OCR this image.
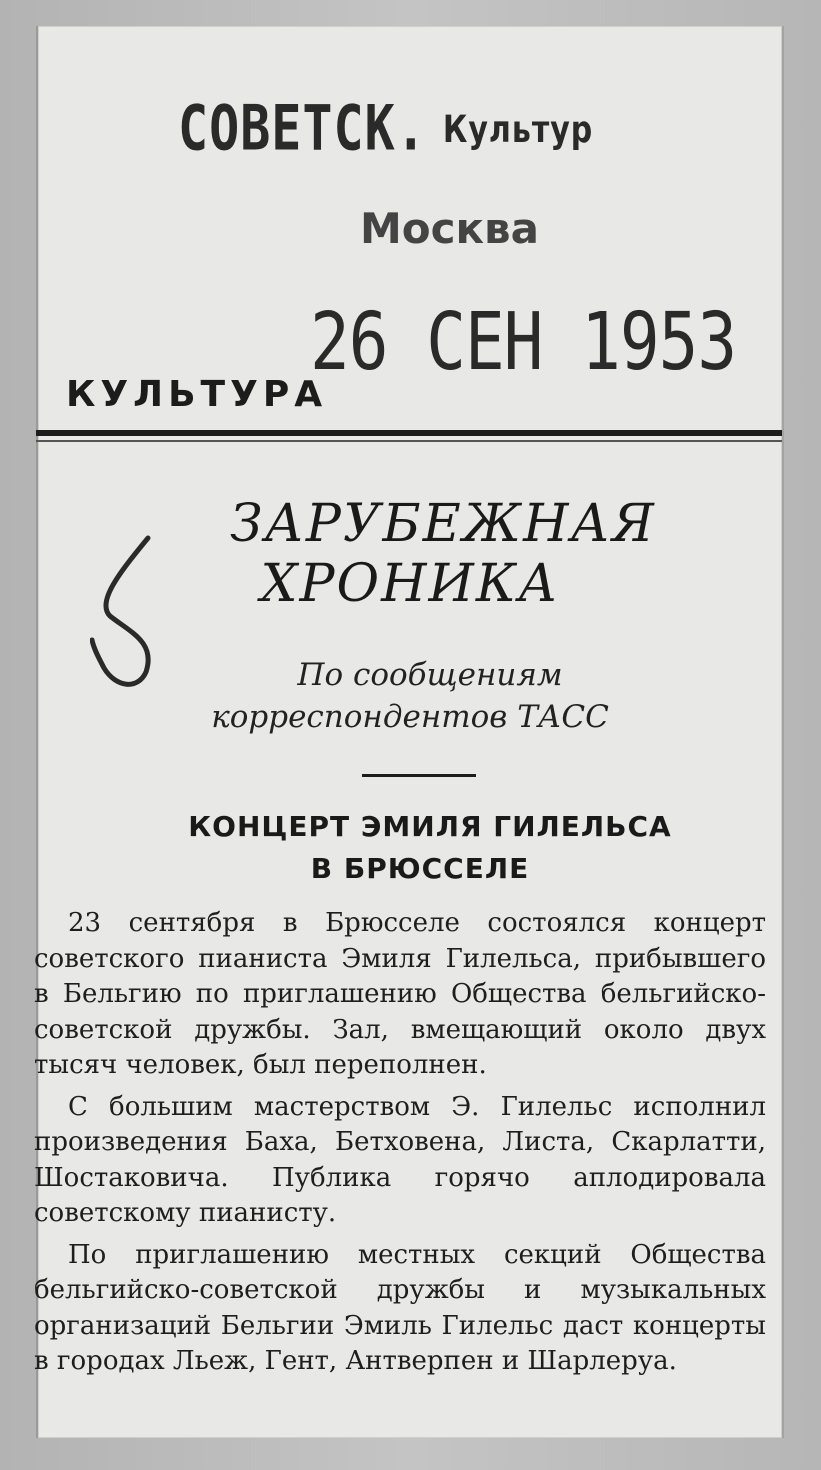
СОВЕТСК. Культур
Москва
26 СЕН 1953
КУЛЬТУРА
ЗАРУБЕЖНАЯ
ХРОНИКА
По сообщениям
корреспондентов ТАСС
КОНЦЕРТ ЭМИЛЯ ГИЛЕЛЬСА
В БРЮССЕЛЕ

23 сентября в Брюсселе состоялся концерт советского пианиста Эмиля Гилельса, прибывшего в Бельгию по приглашению Общества бельгийско-советской дружбы. Зал, вмещающий около двух тысяч человек, был переполнен.

С большим мастерством Э. Гилельс исполнил произведения Баха, Бетховена, Листа, Скарлатти, Шостаковича. Публика горячо аплодировала советскому пианисту.

По приглашению местных секций Общества бельгийско-советской дружбы и музыкальных организаций Бельгии Эмиль Гилельс даст концерты в городах Льеж, Гент, Антверпен и Шарлеруа.
